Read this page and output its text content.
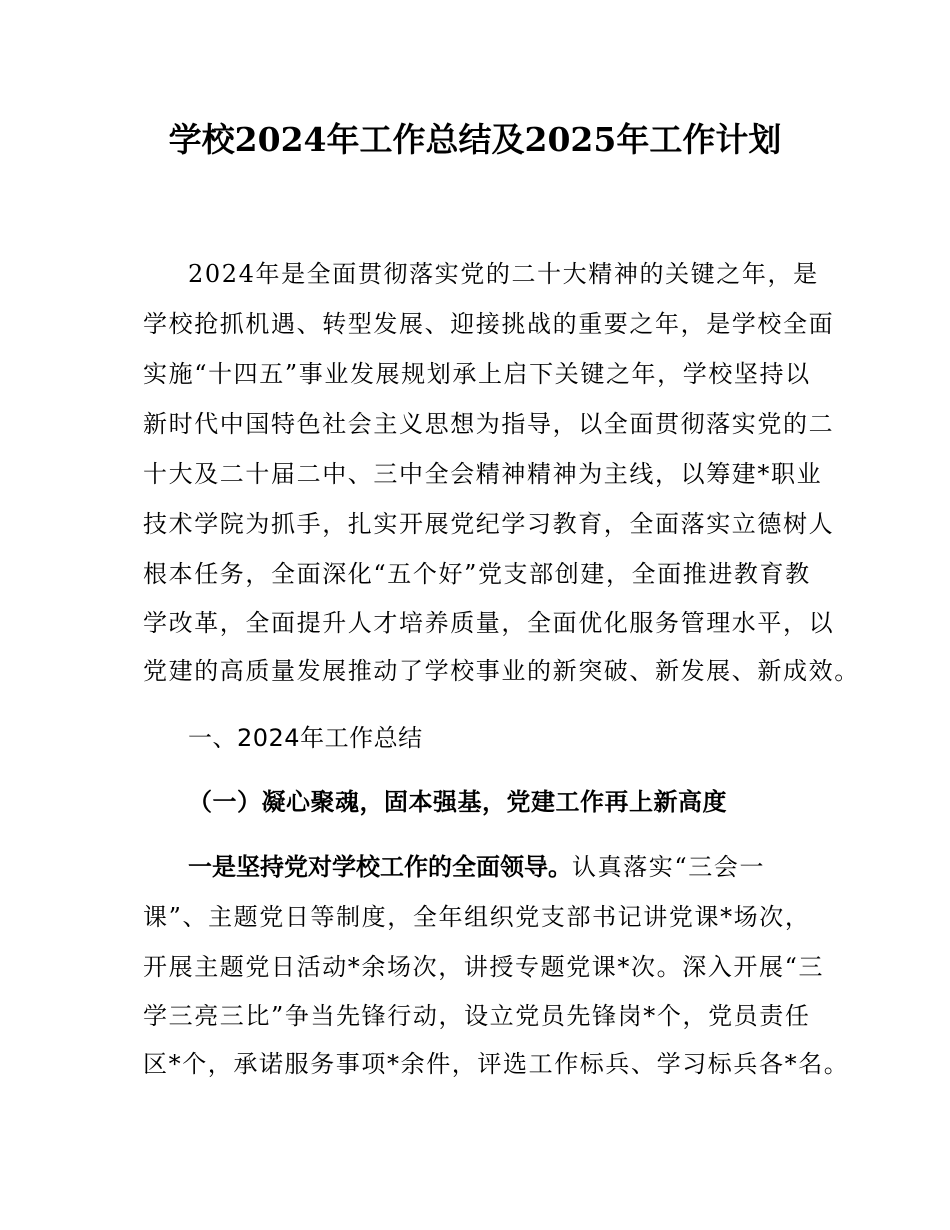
学校2024年工作总结及2025年工作计划
2024年是全面贯彻落实党的二十大精神的关键之年，是
学校抢抓机遇、转型发展、迎接挑战的重要之年，是学校全面
实施“十四五”事业发展规划承上启下关键之年，学校坚持以
新时代中国特色社会主义思想为指导，以全面贯彻落实党的二
十大及二十届二中、三中全会精神精神为主线，以筹建*职业
技术学院为抓手，扎实开展党纪学习教育，全面落实立德树人
根本任务，全面深化“五个好”党支部创建，全面推进教育教
学改革，全面提升人才培养质量，全面优化服务管理水平，以
党建的高质量发展推动了学校事业的新突破、新发展、新成效。
一、2024年工作总结
（一）凝心聚魂，固本强基，党建工作再上新高度
一是坚持党对学校工作的全面领导。认真落实“三会一
课”、主题党日等制度，全年组织党支部书记讲党课*场次，
开展主题党日活动*余场次，讲授专题党课*次。深入开展“三
学三亮三比”争当先锋行动，设立党员先锋岗*个，党员责任
区*个，承诺服务事项*余件，评选工作标兵、学习标兵各*名。
